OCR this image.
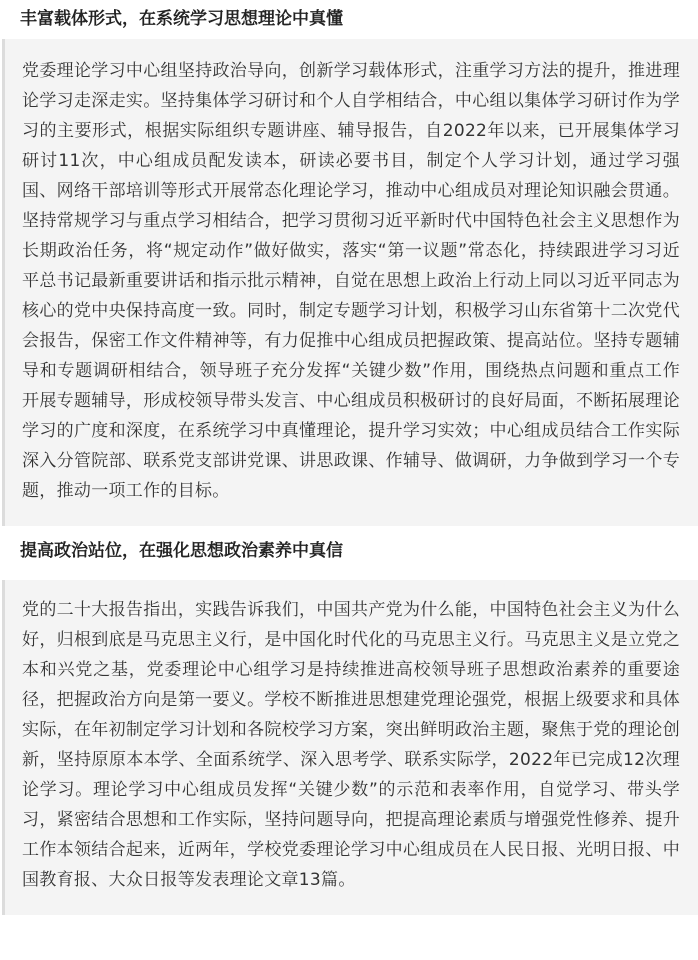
丰富载体形式，在系统学习思想理论中真懂

党委理论学习中心组坚持政治导向，创新学习载体形式，注重学习方法的提升，推进理论学习走深走实。坚持集体学习研讨和个人自学相结合，中心组以集体学习研讨作为学习的主要形式，根据实际组织专题讲座、辅导报告，自2022年以来，已开展集体学习研讨11次，中心组成员配发读本，研读必要书目，制定个人学习计划，通过学习强国、网络干部培训等形式开展常态化理论学习，推动中心组成员对理论知识融会贯通。坚持常规学习与重点学习相结合，把学习贯彻习近平新时代中国特色社会主义思想作为长期政治任务，将“规定动作”做好做实，落实“第一议题”常态化，持续跟进学习习近平总书记最新重要讲话和指示批示精神，自觉在思想上政治上行动上同以习近平同志为核心的党中央保持高度一致。同时，制定专题学习计划，积极学习山东省第十二次党代会报告，保密工作文件精神等，有力促推中心组成员把握政策、提高站位。坚持专题辅导和专题调研相结合，领导班子充分发挥“关键少数”作用，围绕热点问题和重点工作开展专题辅导，形成校领导带头发言、中心组成员积极研讨的良好局面，不断拓展理论学习的广度和深度，在系统学习中真懂理论，提升学习实效；中心组成员结合工作实际深入分管院部、联系党支部讲党课、讲思政课、作辅导、做调研，力争做到学习一个专题，推动一项工作的目标。

提高政治站位，在强化思想政治素养中真信

党的二十大报告指出，实践告诉我们，中国共产党为什么能，中国特色社会主义为什么好，归根到底是马克思主义行，是中国化时代化的马克思主义行。马克思主义是立党之本和兴党之基，党委理论中心组学习是持续推进高校领导班子思想政治素养的重要途径，把握政治方向是第一要义。学校不断推进思想建党理论强党，根据上级要求和具体实际，在年初制定学习计划和各院校学习方案，突出鲜明政治主题，聚焦于党的理论创新，坚持原原本本学、全面系统学、深入思考学、联系实际学，2022年已完成12次理论学习。理论学习中心组成员发挥“关键少数”的示范和表率作用，自觉学习、带头学习，紧密结合思想和工作实际，坚持问题导向，把提高理论素质与增强党性修养、提升工作本领结合起来，近两年，学校党委理论学习中心组成员在人民日报、光明日报、中国教育报、大众日报等发表理论文章13篇。
